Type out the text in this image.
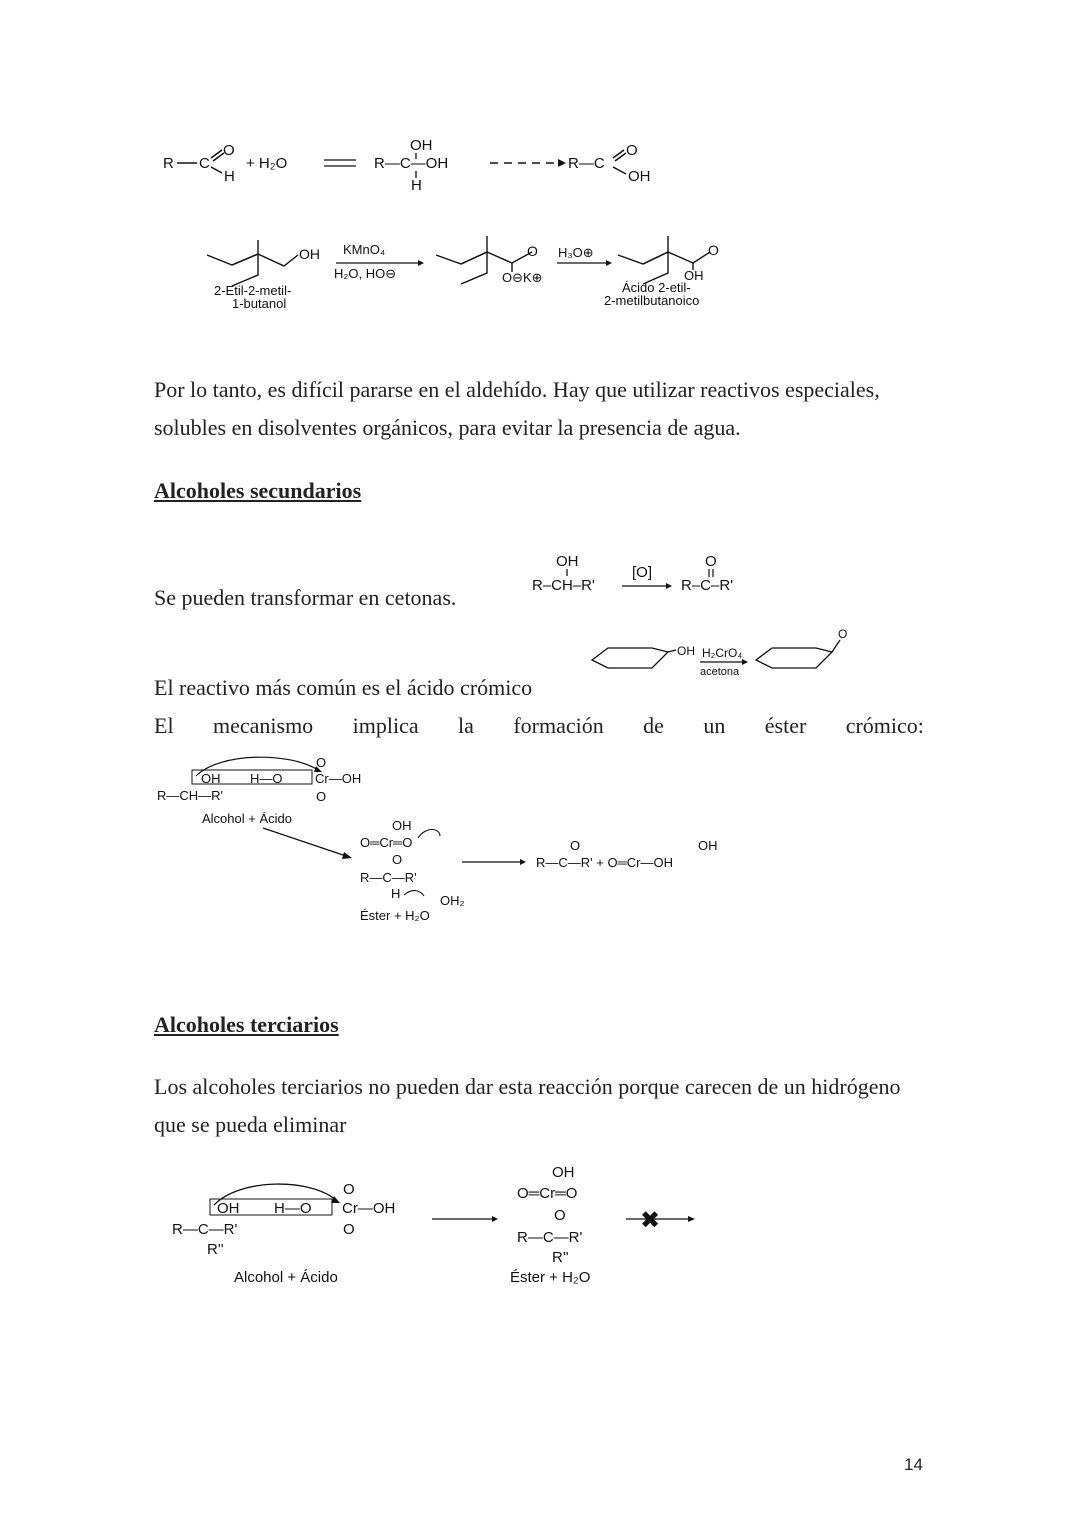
R C
O
H
+ H₂O
OH
R—C—OH
H
R—C
O
OH
OH KMnO₄
H₂O, HO⊖
2-Etil-2-metil-
1-butanol
O
O⊖K⊕
H₃O⊕	O
OH
Ácido 2-etil-
2-metilbutanoico
Por lo tanto, es difícil pararse en el aldehído. Hay que utilizar reactivos especiales,
solubles en disolventes orgánicos, para evitar la presencia de agua.
Alcoholes secundarios
Se pueden transformar en cetonas.
OH
R–CH–R'
[O]
O
R–C–R'
OH H₂CrO₄
acetona
O
El reactivo más común es el ácido crómico
El mecanismo implica la formación de un éster crómico:
O
OH H—O	Cr—OH
O
R—CH—R'
Alcohol + Ácido	OH
O═Cr═O
O
R—C—R'
H	OH₂
Éster + H₂O
O	OH
R—C—R' + O═Cr—OH
Alcoholes terciarios
Los alcoholes terciarios no pueden dar esta reacción porque carecen de un hidrógeno
que se pueda eliminar
O
OH H—O Cr—OH
O
R—C—R'
R''
Alcohol + Ácido
OH
O═Cr═O
O
R—C—R'
R''
Éster + H₂O
✖
14
